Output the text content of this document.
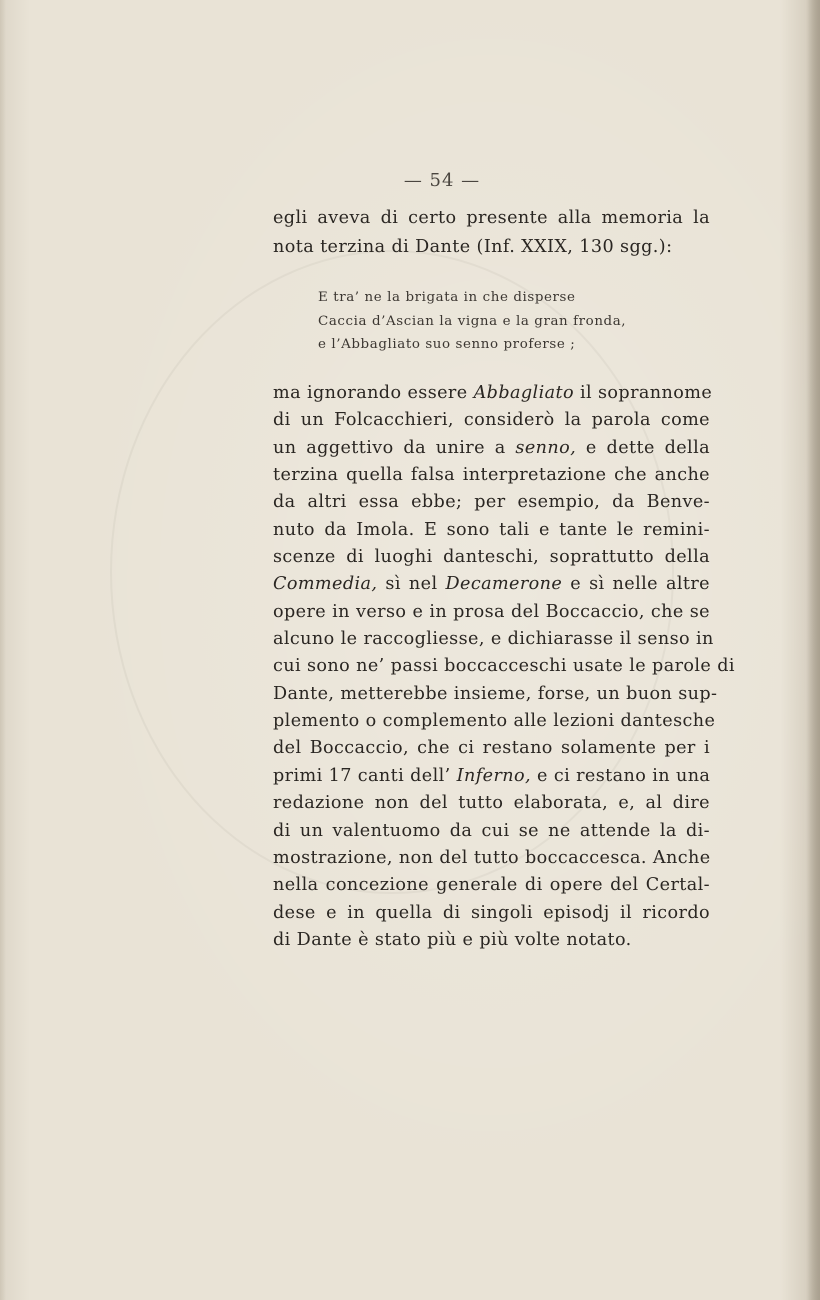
— 54 —
egli aveva di certo presente alla memoria la
nota terzina di Dante (Inf. XXIX, 130 sgg.):
E tra’ ne la brigata in che disperse
Caccia d’Ascian la vigna e la gran fronda,
e l’Abbagliato suo senno proferse ;
ma ignorando essere Abbagliato il soprannome
di un Folcacchieri, considerò la parola come
un aggettivo da unire a senno, e dette della
terzina quella falsa interpretazione che anche
da altri essa ebbe; per esempio, da Benve-
nuto da Imola. E sono tali e tante le remini-
scenze di luoghi danteschi, soprattutto della
Commedia, sì nel Decamerone e sì nelle altre
opere in verso e in prosa del Boccaccio, che se
alcuno le raccogliesse, e dichiarasse il senso in
cui sono ne’ passi boccacceschi usate le parole di
Dante, metterebbe insieme, forse, un buon sup-
plemento o complemento alle lezioni dantesche
del Boccaccio, che ci restano solamente per i
primi 17 canti dell’ Inferno, e ci restano in una
redazione non del tutto elaborata, e, al dire
di un valentuomo da cui se ne attende la di-
mostrazione, non del tutto boccaccesca. Anche
nella concezione generale di opere del Certal-
dese e in quella di singoli episodj il ricordo
di Dante è stato più e più volte notato.
